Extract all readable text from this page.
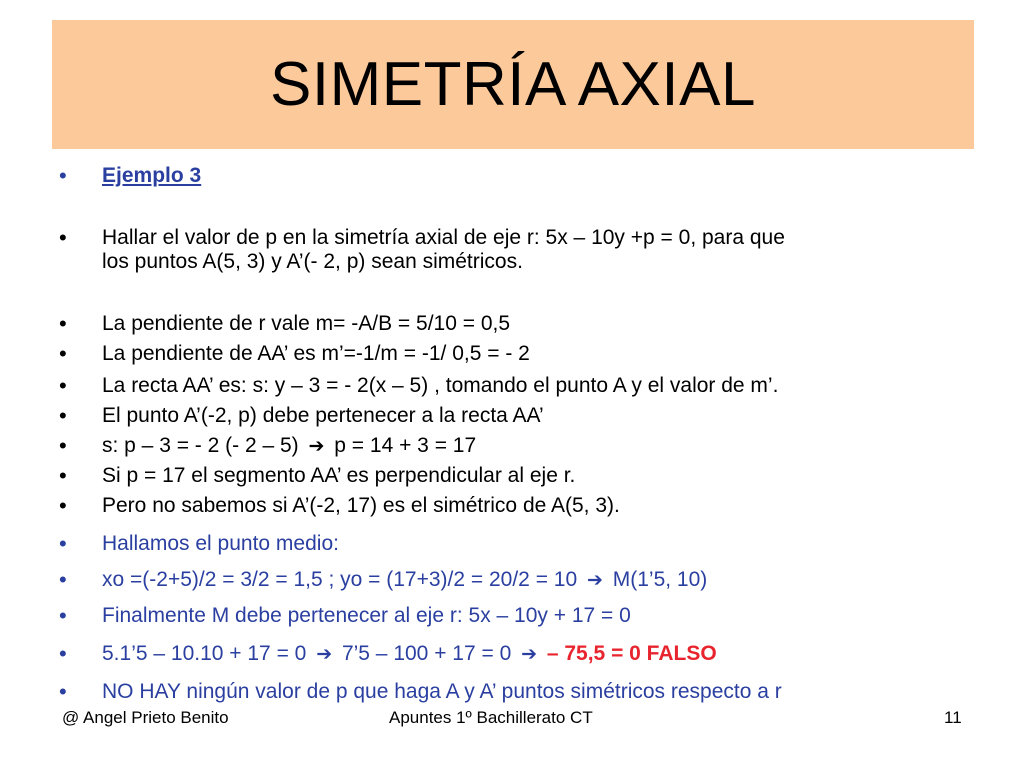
SIMETRÍA AXIAL
• Ejemplo 3
• Hallar el valor de p en la simetría axial de eje r: 5x – 10y +p = 0, para que
los puntos A(5, 3) y A’(- 2, p) sean simétricos.
• La pendiente de r vale m= -A/B = 5/10 = 0,5
• La pendiente de AA’ es m’=-1/m = -1/ 0,5 = - 2
• La recta AA’ es: s: y – 3 = - 2(x – 5) , tomando el punto A y el valor de m’.
• El punto A’(-2, p) debe pertenecer a la recta AA’
• s: p – 3 = - 2 (- 2 – 5) ➔ p = 14 + 3 = 17
• Si p = 17 el segmento AA’ es perpendicular al eje r.
• Pero no sabemos si A’(-2, 17) es el simétrico de A(5, 3).
• Hallamos el punto medio:
• xo =(-2+5)/2 = 3/2 = 1,5 ; yo = (17+3)/2 = 20/2 = 10 ➔ M(1’5, 10)
• Finalmente M debe pertenecer al eje r: 5x – 10y + 17 = 0
• 5.1’5 – 10.10 + 17 = 0 ➔ 7’5 – 100 + 17 = 0 ➔ – 75,5 = 0 FALSO
• NO HAY ningún valor de p que haga A y A’ puntos simétricos respecto a r
@ Angel Prieto Benito	Apuntes 1º Bachillerato CT	11
